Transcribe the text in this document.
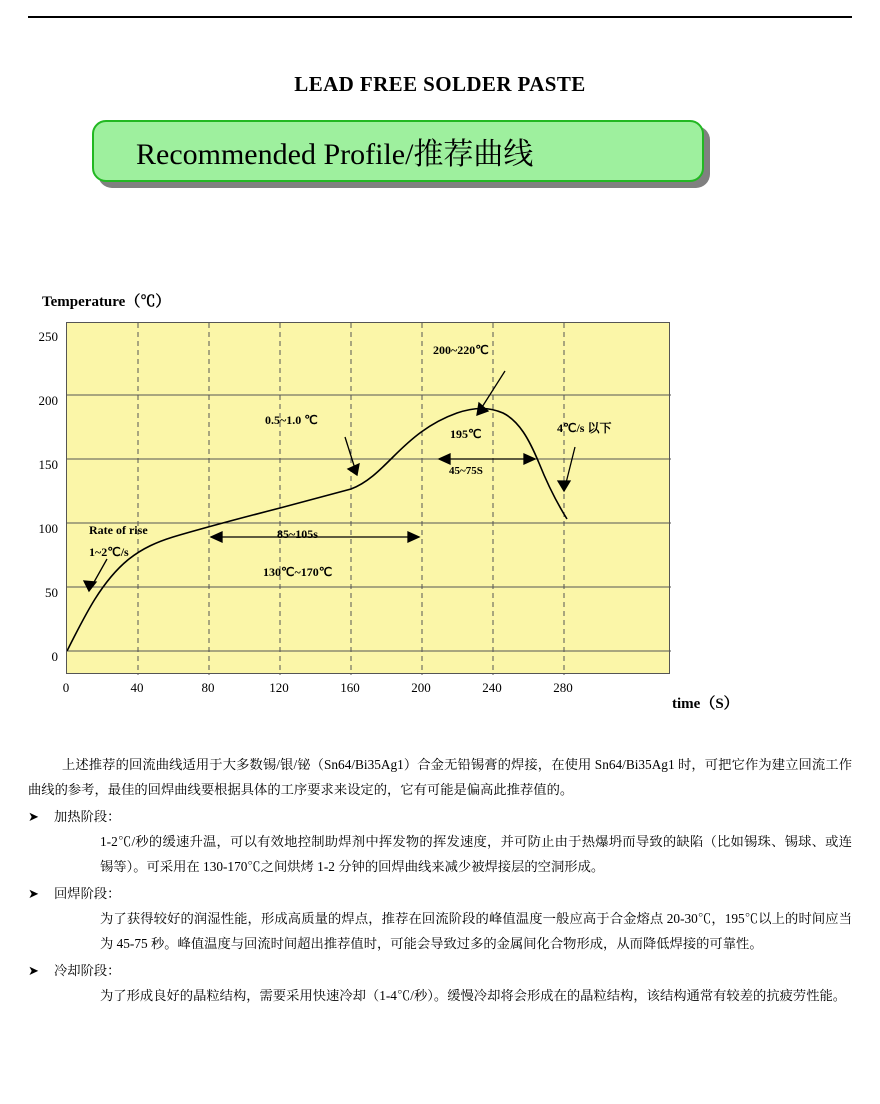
LEAD FREE SOLDER PASTE
Recommended Profile/推荐曲线
Temperature（℃）
time（S）
0
50
100
150
200
250
0	40	80	120	160	200	240	280
200~220℃
0.5~1.0 ℃
195℃
45~75S
4℃/s 以下
Rate of rise
1~2℃/s
85~105s
130℃~170℃

上述推荐的回流曲线适用于大多数锡/银/铋（Sn64/Bi35Ag1）合金无铅锡膏的焊接，在使用 Sn64/Bi35Ag1 时，可把它作为建立回流工作曲线的参考，最佳的回焊曲线要根据具体的工序要求来设定的，它有可能是偏高此推荐值的。

➤	加热阶段：

1-2℃/秒的缓速升温，可以有效地控制助焊剂中挥发物的挥发速度，并可防止由于热爆坍而导致的缺陷（比如锡珠、锡球、或连锡等）。可采用在 130-170℃之间烘烤 1-2 分钟的回焊曲线来减少被焊接层的空洞形成。

➤	回焊阶段：

为了获得较好的润湿性能，形成高质量的焊点，推荐在回流阶段的峰值温度一般应高于合金熔点 20-30℃，195℃以上的时间应当为 45-75 秒。峰值温度与回流时间超出推荐值时，可能会导致过多的金属间化合物形成，从而降低焊接的可靠性。

➤	冷却阶段：

为了形成良好的晶粒结构，需要采用快速冷却（1-4℃/秒）。缓慢冷却将会形成在的晶粒结构，该结构通常有较差的抗疲劳性能。
